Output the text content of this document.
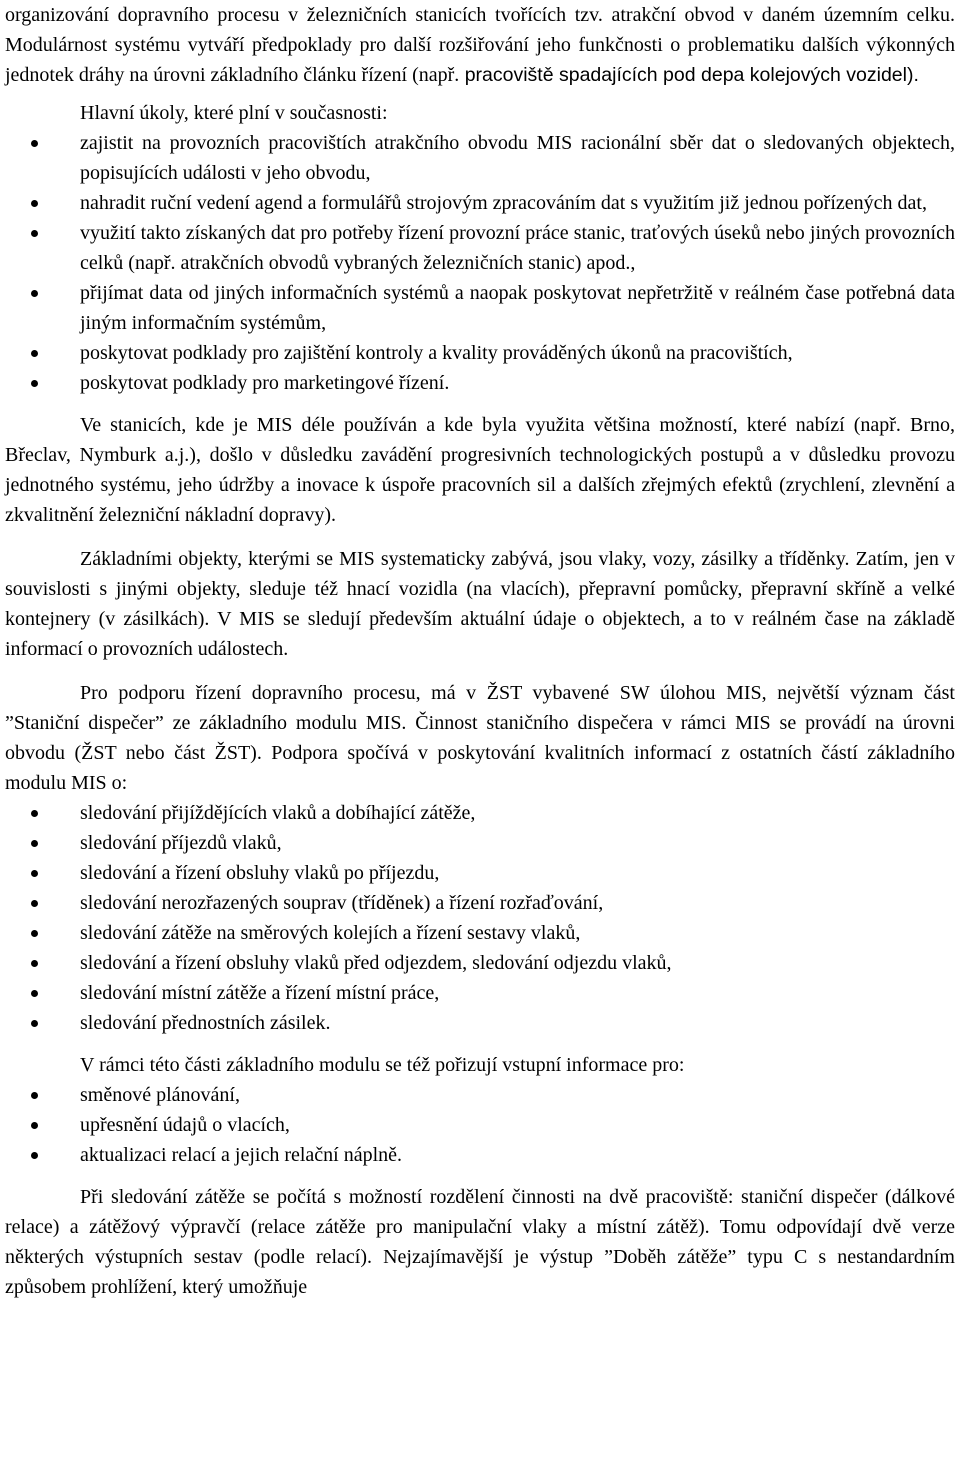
organizování dopravního procesu v železničních stanicích tvořících tzv. atrakční obvod v daném územním celku. Modulárnost systému vytváří předpoklady pro další rozšiřování jeho funkčnosti o problematiku dalších výkonných jednotek dráhy na úrovni základního článku řízení (např. pracoviště spadajících pod depa kolejových vozidel).

Hlavní úkoly, které plní v současnosti:

zajistit na provozních pracovištích atrakčního obvodu MIS racionální sběr dat o sledovaných objektech, popisujících události v jeho obvodu,
nahradit ruční vedení agend a formulářů strojovým zpracováním dat s využitím již jednou pořízených dat,
využití takto získaných dat pro potřeby řízení provozní práce stanic, traťových úseků nebo jiných provozních celků (např. atrakčních obvodů vybraných železničních stanic) apod.,
přijímat data od jiných informačních systémů a naopak poskytovat nepřetržitě v reálném čase potřebná data jiným informačním systémům,
poskytovat podklady pro zajištění kontroly a kvality prováděných úkonů na pracovištích,
poskytovat podklady pro marketingové řízení.

Ve stanicích, kde je MIS déle používán a kde byla využita většina možností, které nabízí (např. Brno, Břeclav, Nymburk a.j.), došlo v důsledku zavádění progresivních technologických postupů a v důsledku provozu jednotného systému, jeho údržby a inovace k úspoře pracovních sil a dalších zřejmých efektů (zrychlení, zlevnění a zkvalitnění železniční nákladní dopravy).

Základními objekty, kterými se MIS systematicky zabývá, jsou vlaky, vozy, zásilky a tříděnky. Zatím, jen v souvislosti s jinými objekty, sleduje též hnací vozidla (na vlacích), přepravní pomůcky, přepravní skříně a velké kontejnery (v zásilkách). V MIS se sledují především aktuální údaje o objektech, a to v reálném čase na základě informací o provozních událostech.

Pro podporu řízení dopravního procesu, má v ŽST vybavené SW úlohou MIS, největší význam část ”Staniční dispečer” ze základního modulu MIS. Činnost staničního dispečera v rámci MIS se provádí na úrovni obvodu (ŽST nebo část ŽST). Podpora spočívá v poskytování kvalitních informací z ostatních částí základního modulu MIS o:

sledování přijíždějících vlaků a dobíhající zátěže,
sledování příjezdů vlaků,
sledování a řízení obsluhy vlaků po příjezdu,
sledování nerozřazených souprav (tříděnek) a řízení rozřaďování,
sledování zátěže na směrových kolejích a řízení sestavy vlaků,
sledování a řízení obsluhy vlaků před odjezdem, sledování odjezdu vlaků,
sledování místní zátěže a řízení místní práce,
sledování přednostních zásilek.

V rámci této části základního modulu se též pořizují vstupní informace pro:

směnové plánování,
upřesnění údajů o vlacích,
aktualizaci relací a jejich relační náplně.

Při sledování zátěže se počítá s možností rozdělení činnosti na dvě pracoviště: staniční dispečer (dálkové relace) a zátěžový výpravčí (relace zátěže pro manipulační vlaky a místní zátěž). Tomu odpovídají dvě verze některých výstupních sestav (podle relací). Nejzajímavější je výstup ”Doběh zátěže” typu C s nestandardním způsobem prohlížení, který umožňuje
